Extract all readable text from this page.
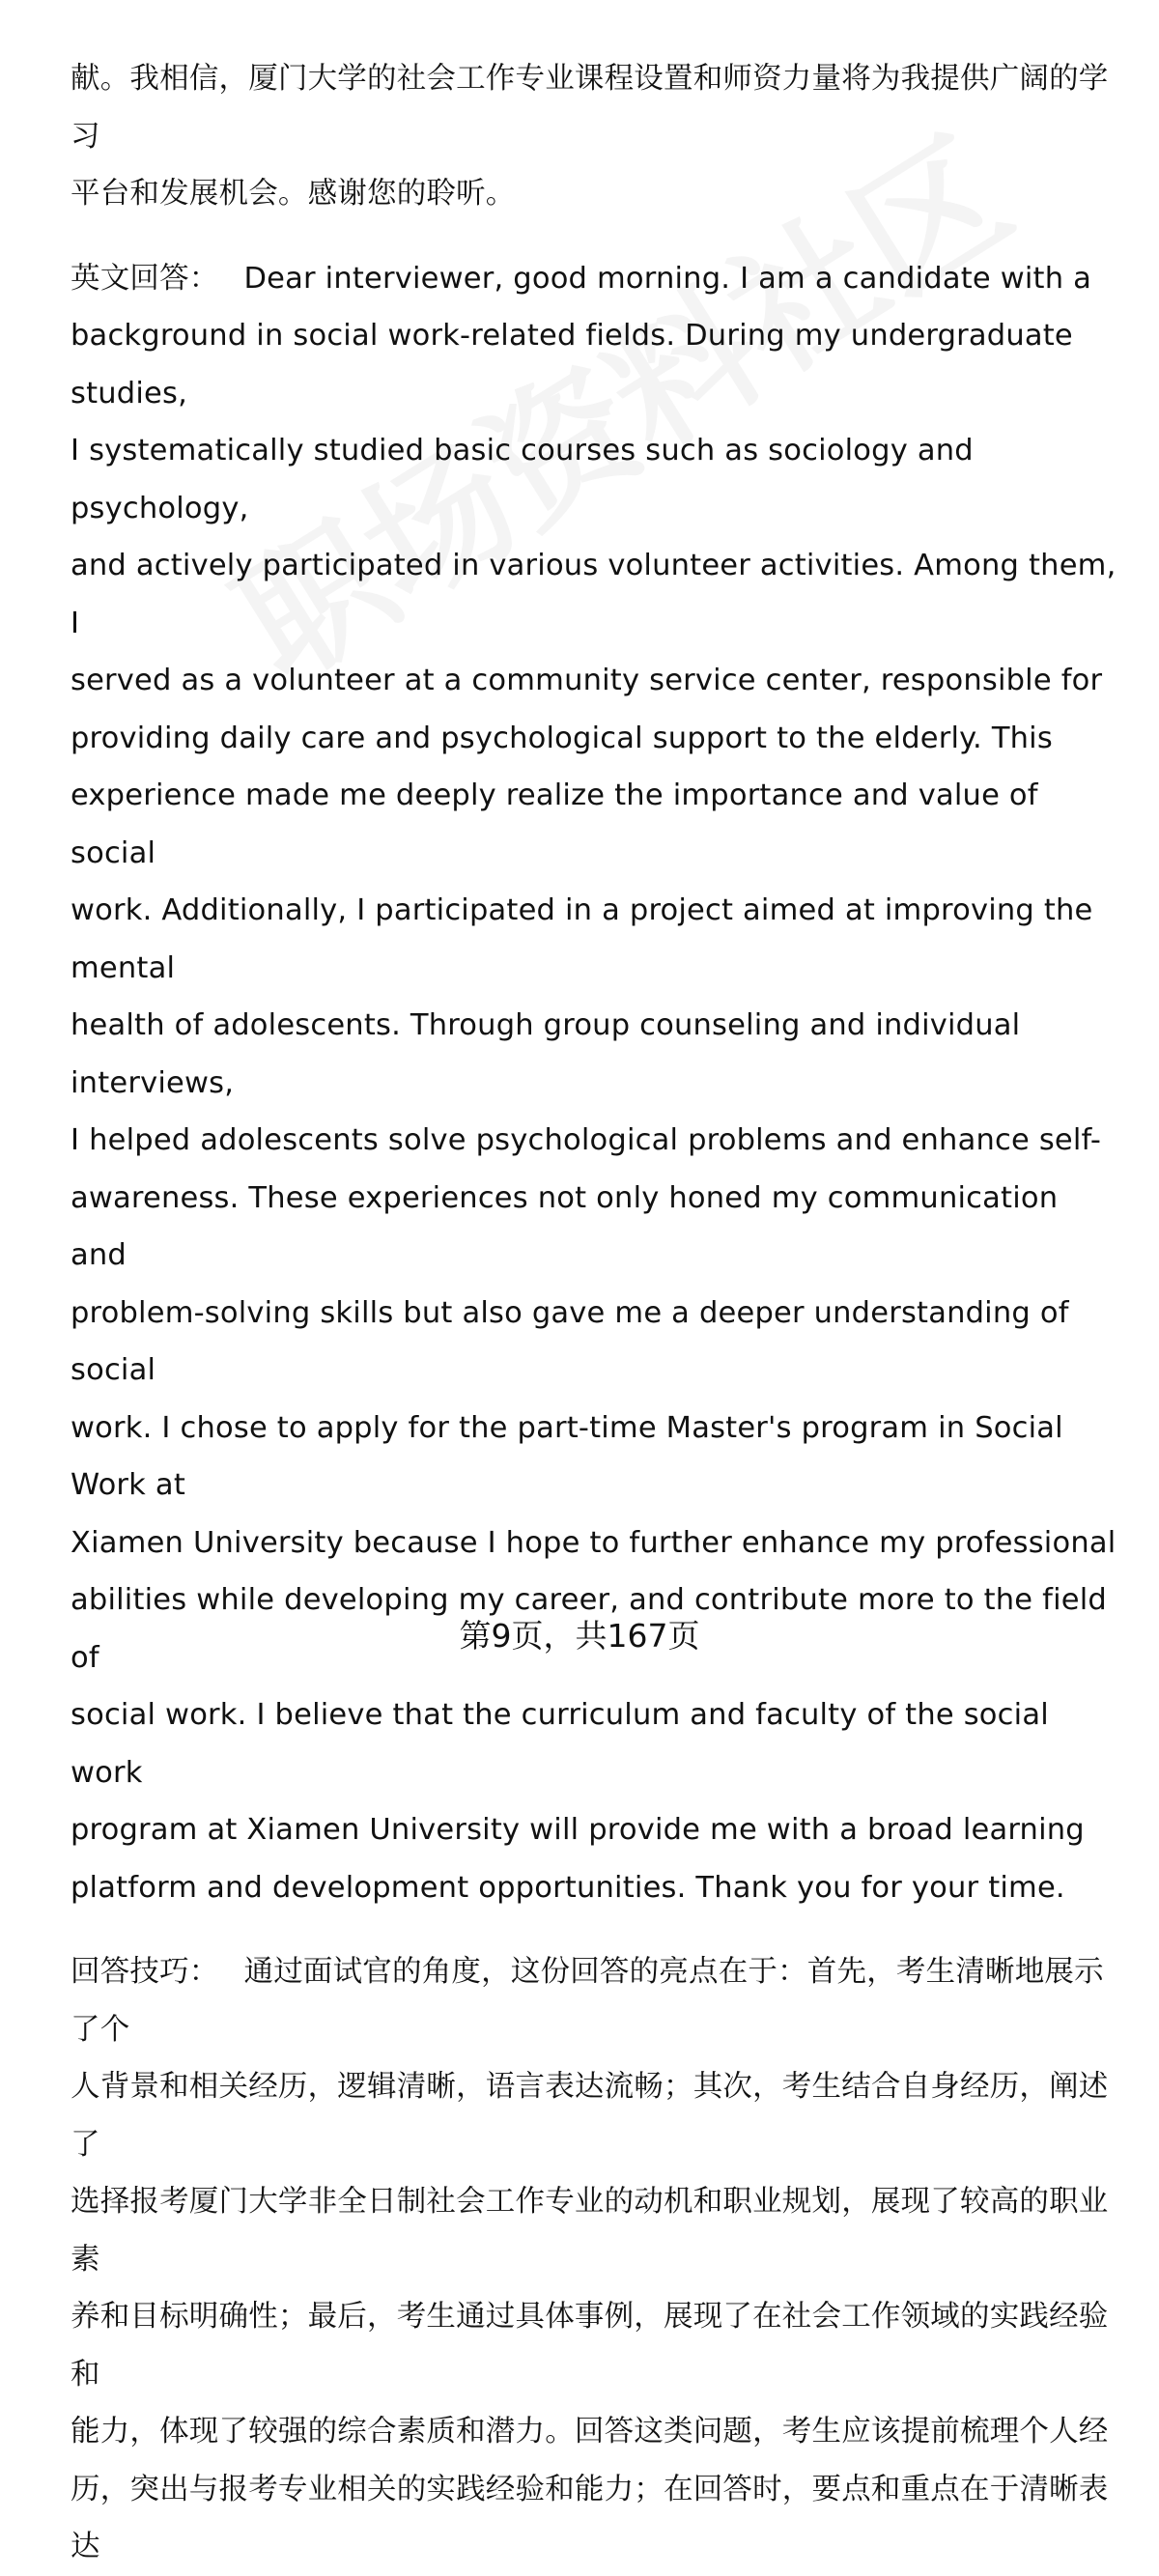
献。我相信，厦门大学的社会工作专业课程设置和师资力量将为我提供广阔的学习
平台和发展机会。感谢您的聆听。

英文回答： Dear interviewer, good morning. I am a candidate with a
background in social work-related fields. During my undergraduate studies,
I systematically studied basic courses such as sociology and psychology,
and actively participated in various volunteer activities. Among them, I
served as a volunteer at a community service center, responsible for
providing daily care and psychological support to the elderly. This
experience made me deeply realize the importance and value of social
work. Additionally, I participated in a project aimed at improving the mental
health of adolescents. Through group counseling and individual interviews,
I helped adolescents solve psychological problems and enhance self-
awareness. These experiences not only honed my communication and
problem-solving skills but also gave me a deeper understanding of social
work. I chose to apply for the part-time Master's program in Social Work at
Xiamen University because I hope to further enhance my professional
abilities while developing my career, and contribute more to the field of
social work. I believe that the curriculum and faculty of the social work
program at Xiamen University will provide me with a broad learning
platform and development opportunities. Thank you for your time.

回答技巧： 通过面试官的角度，这份回答的亮点在于：首先，考生清晰地展示了个
人背景和相关经历，逻辑清晰，语言表达流畅；其次，考生结合自身经历，阐述了
选择报考厦门大学非全日制社会工作专业的动机和职业规划，展现了较高的职业素
养和目标明确性；最后，考生通过具体事例，展现了在社会工作领域的实践经验和
能力，体现了较强的综合素质和潜力。回答这类问题，考生应该提前梳理个人经
历，突出与报考专业相关的实践经验和能力；在回答时，要点和重点在于清晰表达

第9页，共167页
